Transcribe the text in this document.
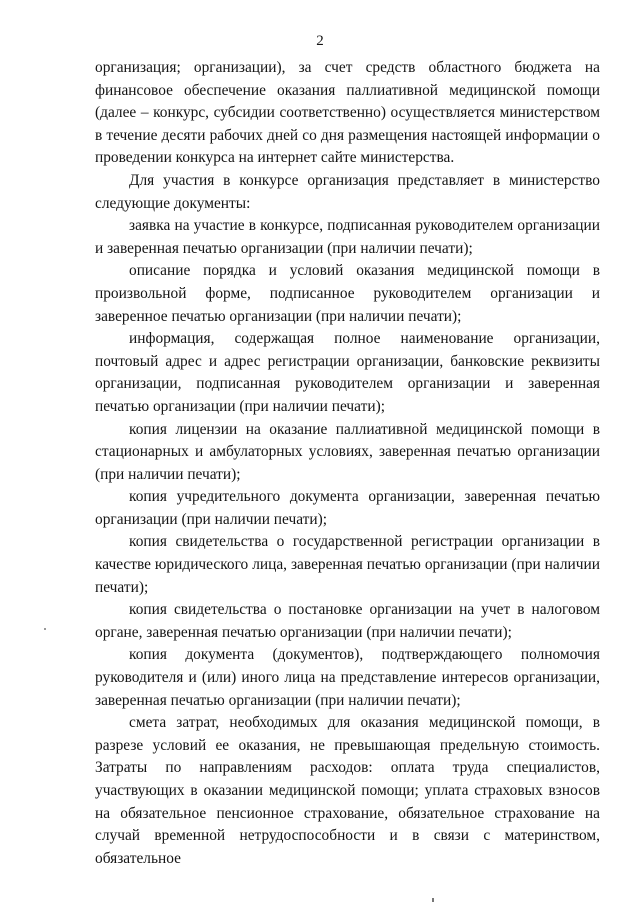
2

организация; организации), за счет средств областного бюджета на финансовое обеспечение оказания паллиативной медицинской помощи (далее – конкурс, субсидии соответственно) осуществляется министерством в течение десяти рабочих дней со дня размещения настоящей информации о проведении конкурса на интернет сайте министерства.

Для участия в конкурсе организация представляет в министерство следующие документы:

заявка на участие в конкурсе, подписанная руководителем организации и заверенная печатью организации (при наличии печати);

описание порядка и условий оказания медицинской помощи в произвольной форме, подписанное руководителем организации и заверенное печатью организации (при наличии печати);

информация, содержащая полное наименование организации, почтовый адрес и адрес регистрации организации, банковские реквизиты организации, подписанная руководителем организации и заверенная печатью организации (при наличии печати);

копия лицензии на оказание паллиативной медицинской помощи в стационарных и амбулаторных условиях, заверенная печатью организации (при наличии печати);

копия учредительного документа организации, заверенная печатью организации (при наличии печати);

копия свидетельства о государственной регистрации организации в качестве юридического лица, заверенная печатью организации (при наличии печати);

копия свидетельства о постановке организации на учет в налоговом органе, заверенная печатью организации (при наличии печати);

копия документа (документов), подтверждающего полномочия руководителя и (или) иного лица на представление интересов организации, заверенная печатью организации (при наличии печати);

смета затрат, необходимых для оказания медицинской помощи, в разрезе условий ее оказания, не превышающая предельную стоимость. Затраты по направлениям расходов: оплата труда специалистов, участвующих в оказании медицинской помощи; уплата страховых взносов на обязательное пенсионное страхование, обязательное страхование на случай временной нетрудоспособности и в связи с материнством, обязательное
